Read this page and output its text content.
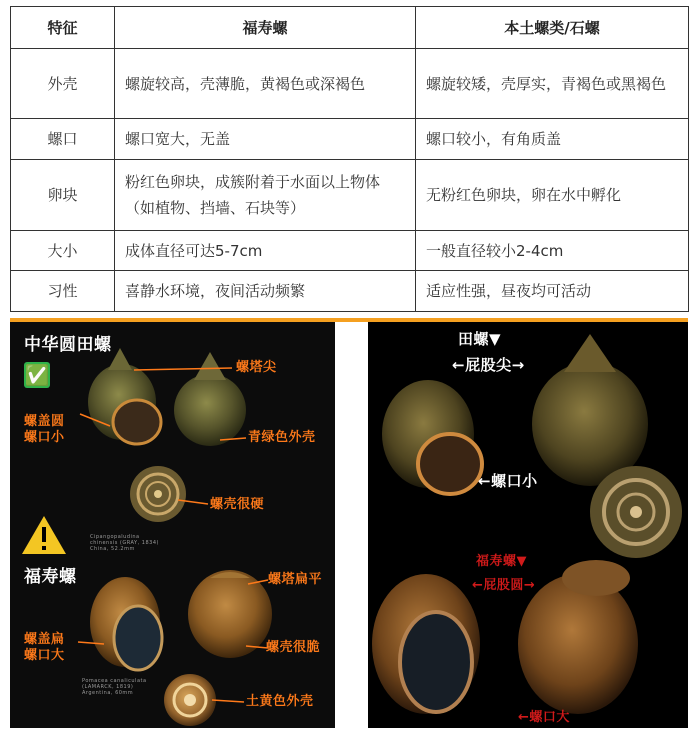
特征	福寿螺	本土螺类/石螺
外壳	螺旋较高，壳薄脆，黄褐色或深褐色	螺旋较矮，壳厚实，青褐色或黑褐色
螺口	螺口宽大，无盖	螺口较小，有角质盖
卵块	粉红色卵块，成簇附着于水面以上物体（如植物、挡墙、石块等）	无粉红色卵块，卵在水中孵化
大小	成体直径可达5-7cm	一般直径较小2-4cm
习性	喜静水环境，夜间活动频繁	适应性强，昼夜均可活动
中华圆田螺
✅	螺塔尖
螺盖圆
螺口小	青绿色外壳
螺壳很硬
Cipangopaludina chinensis (GRAY, 1834) China, 52.2mm
福寿螺	螺塔扁平
螺盖扁
螺口大
螺壳很脆
Pomacea canaliculata (LAMARCK, 1819) Argentina, 60mm
土黄色外壳
田螺▼
←屁股尖→
←螺口小
福寿螺▼
←屁股圆→
←螺口大
